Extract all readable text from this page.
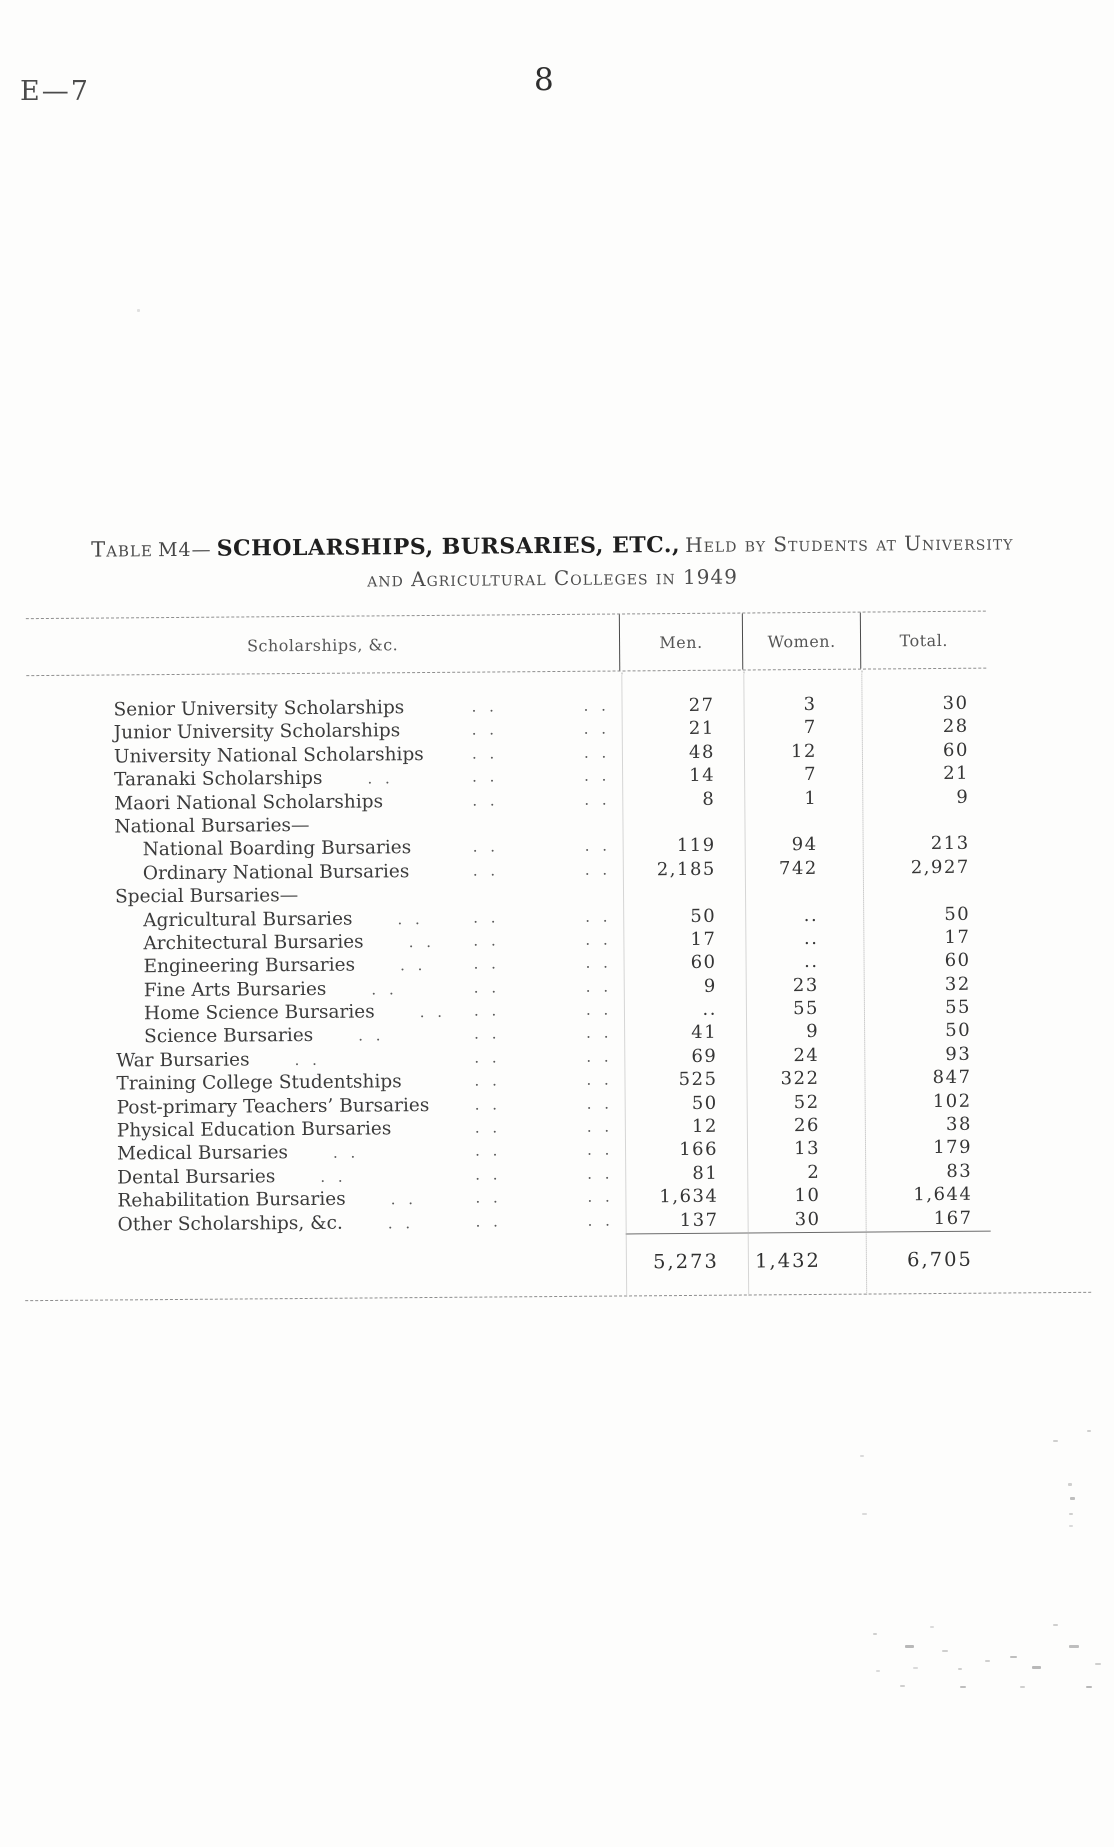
E—7	8
Table M4— SCHOLARSHIPS, BURSARIES, ETC., Held by Students at University
and Agricultural Colleges in 1949
Scholarships, &c.	Men.	Women.	Total.
Senior University Scholarships	. .	. .	27	3	30
Junior University Scholarships	. .	. .	21	7	28
University National Scholarships	. .	. .	48	12	60
Taranaki Scholarships	. .	. .	. .	14	7	21
Maori National Scholarships	. .	. .	8	1	9
National Bursaries—
National Boarding Bursaries	. .	. .	119	94	213
Ordinary National Bursaries	. .	. .	2,185	742	2,927
Special Bursaries—
Agricultural Bursaries	. .	. .	. .	50	..	50
Architectural Bursaries	. .	. .	. .	17	..	17
Engineering Bursaries	. .	. .	. .	60	..	60
Fine Arts Bursaries	. .	. .	. .	9	23	32
Home Science Bursaries	. . . .	. .	..	55	55
Science Bursaries	. .	. .	. .	41	9	50
War Bursaries	. .	. .	. .	69	24	93
Training College Studentships	. .	. .	525	322	847
Post-primary Teachers’ Bursaries	. .	. .	50	52	102
Physical Education Bursaries	. .	. .	12	26	38
Medical Bursaries	. .	. .	. .	166	13	179
Dental Bursaries	. .	. .	. .	81	2	83
Rehabilitation Bursaries	. .	. .	. .	1,634	10	1,644
Other Scholarships, &c.	. .	. .	. .	137	30	167
5,273	1,432	6,705
